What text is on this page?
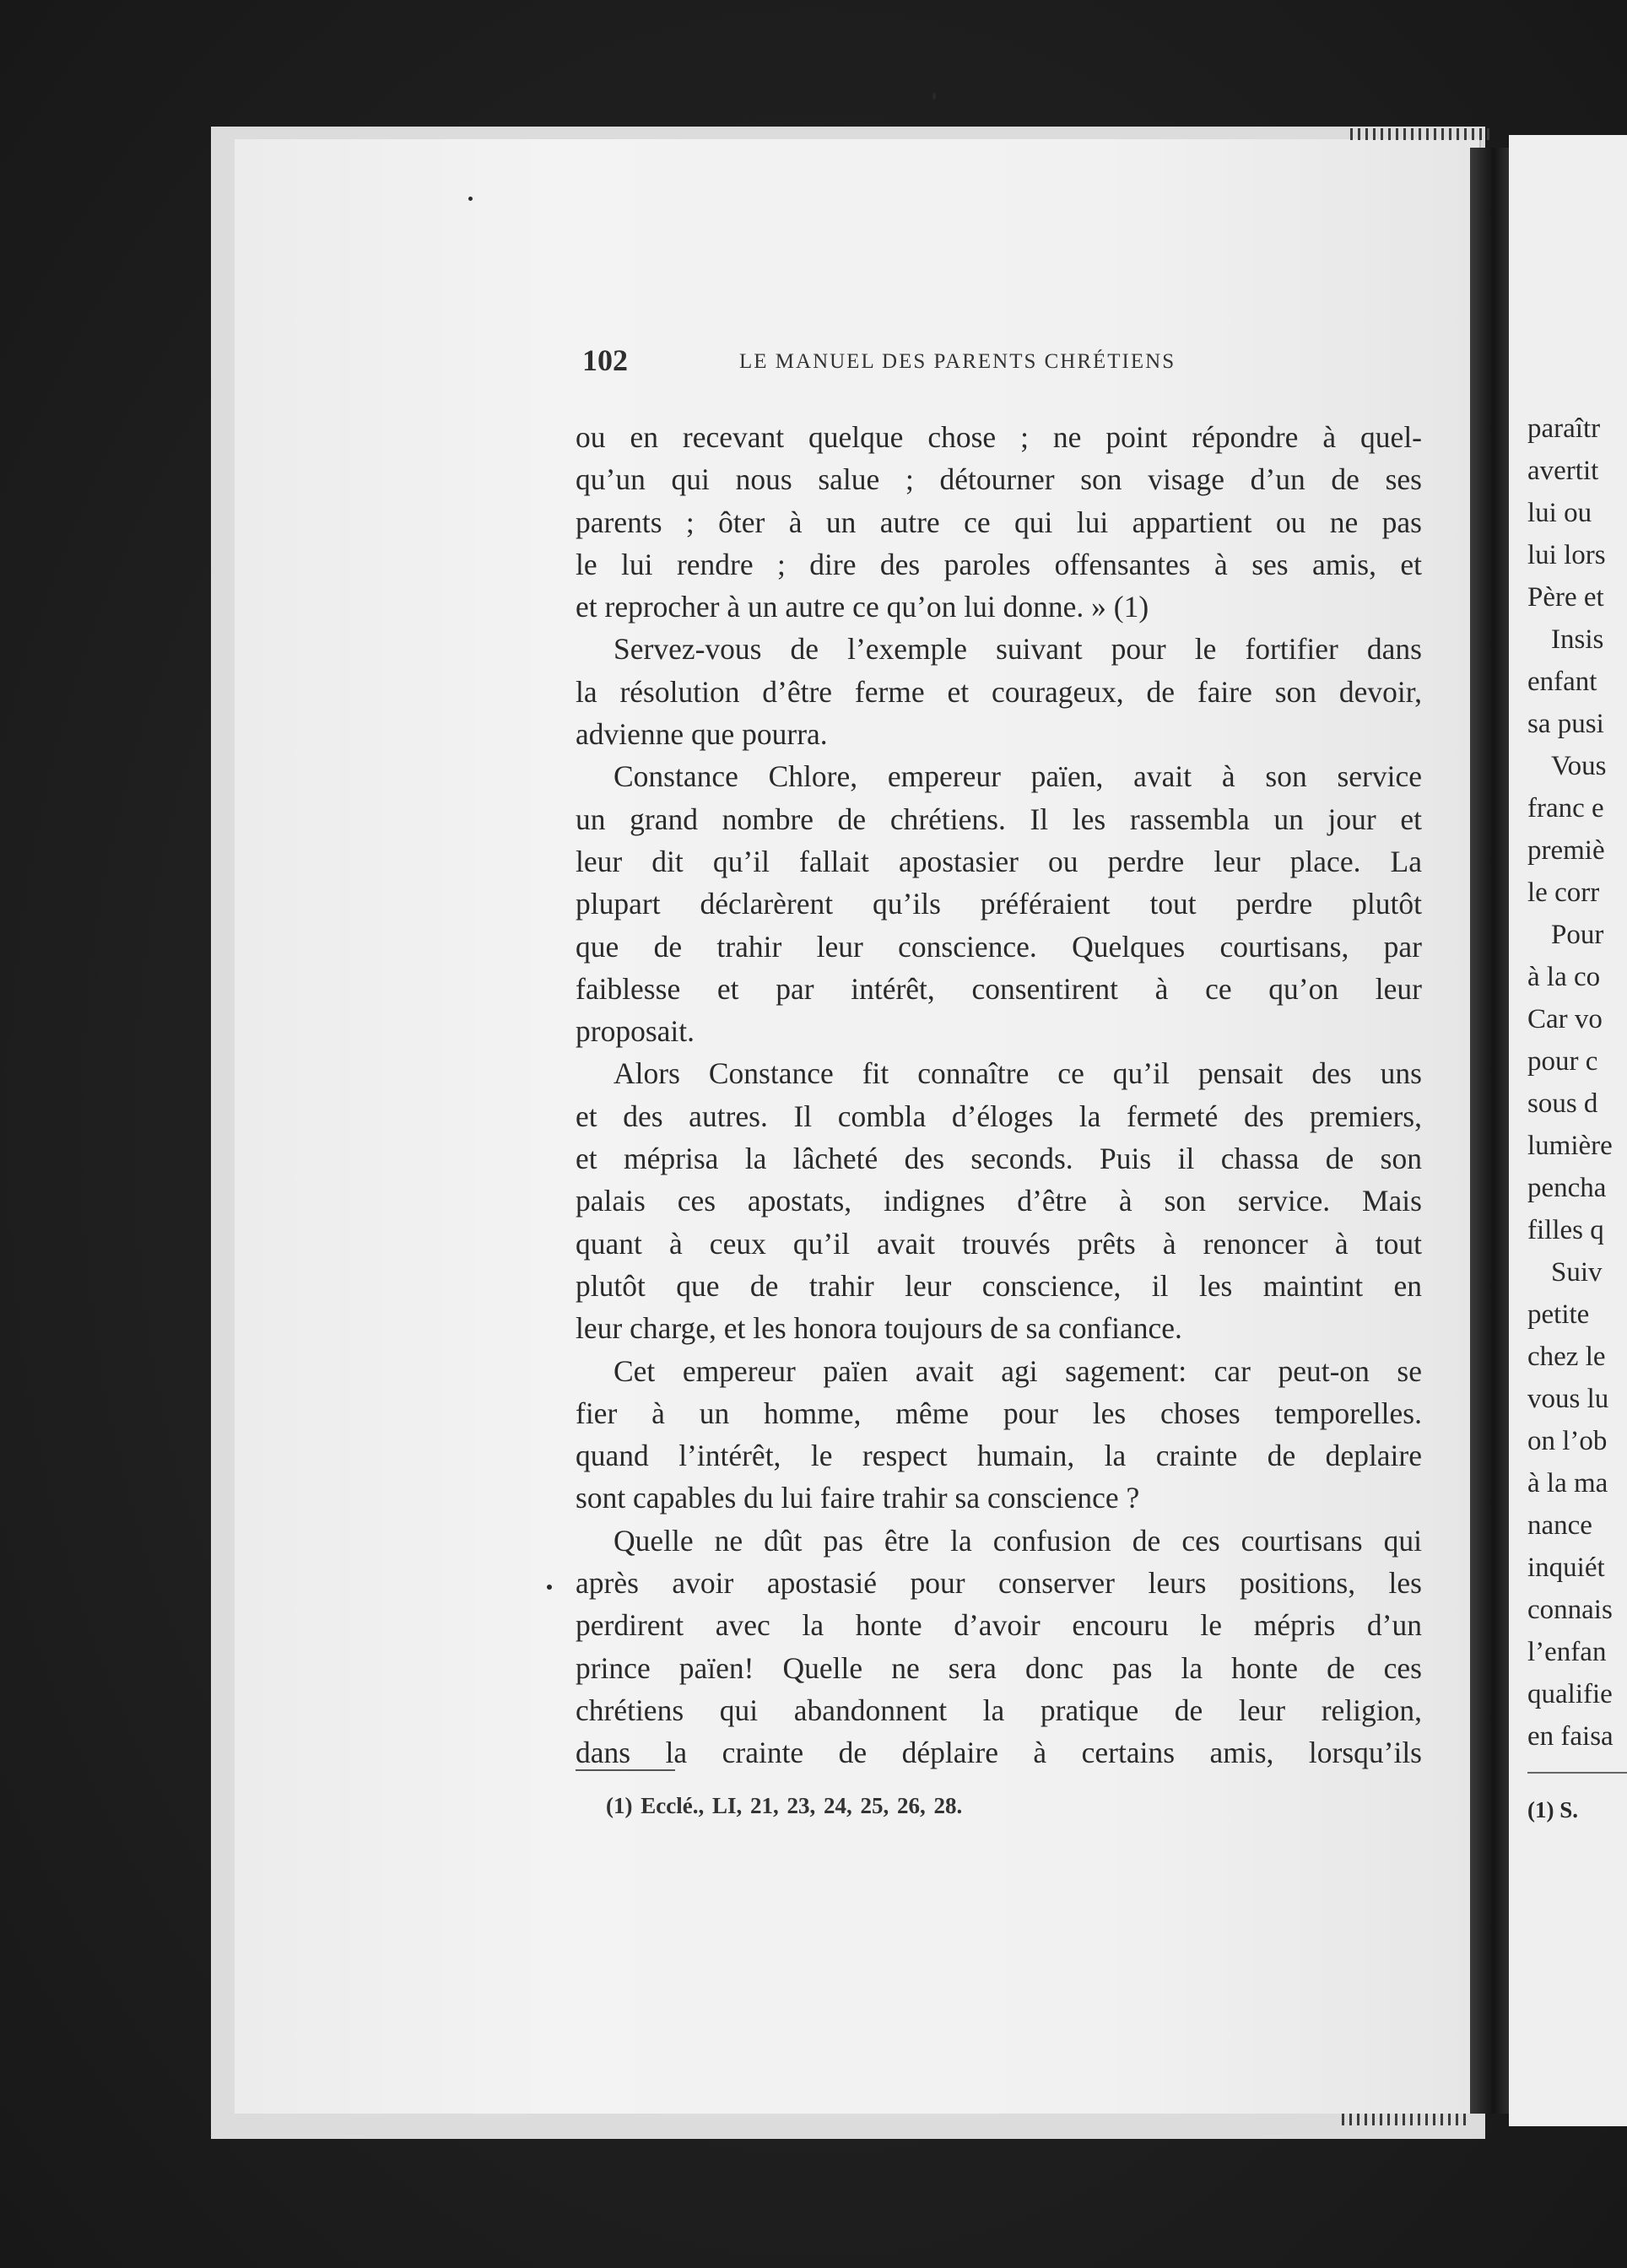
102	LE MANUEL DES PARENTS CHRÉTIENS
ou en recevant quelque chose ; ne point répondre à quel-
qu’un qui nous salue ; détourner son visage d’un de ses
parents ; ôter à un autre ce qui lui appartient ou ne pas
le lui rendre ; dire des paroles offensantes à ses amis, et
et reprocher à un autre ce qu’on lui donne. » (1)
Servez-vous de l’exemple suivant pour le fortifier dans
la résolution d’être ferme et courageux, de faire son devoir,
advienne que pourra.
Constance Chlore, empereur païen, avait à son service
un grand nombre de chrétiens. Il les rassembla un jour et
leur dit qu’il fallait apostasier ou perdre leur place. La
plupart déclarèrent qu’ils préféraient tout perdre plutôt
que de trahir leur conscience. Quelques courtisans, par
faiblesse et par intérêt, consentirent à ce qu’on leur
proposait.
Alors Constance fit connaître ce qu’il pensait des uns
et des autres. Il combla d’éloges la fermeté des premiers,
et méprisa la lâcheté des seconds. Puis il chassa de son
palais ces apostats, indignes d’être à son service. Mais
quant à ceux qu’il avait trouvés prêts à renoncer à tout
plutôt que de trahir leur conscience, il les maintint en
leur charge, et les honora toujours de sa confiance.
Cet empereur païen avait agi sagement: car peut-on se
fier à un homme, même pour les choses temporelles.
quand l’intérêt, le respect humain, la crainte de deplaire
sont capables du lui faire trahir sa conscience ?
Quelle ne dût pas être la confusion de ces courtisans qui
après avoir apostasié pour conserver leurs positions, les
perdirent avec la honte d’avoir encouru le mépris d’un
prince païen! Quelle ne sera donc pas la honte de ces
chrétiens qui abandonnent la pratique de leur religion,
dans la crainte de déplaire à certains amis, lorsqu’ils
(1) Ecclé., LI, 21, 23, 24, 25, 26, 28.
paraîtr
avertit
lui ou
lui lors
Père et
Insis
enfant
sa pusi
Vous
franc e
premiè
le corr
Pour
à la co
Car vo
pour c
sous d
lumière
pencha
filles q
Suiv
petite
chez le
vous lu
on l’ob
à la ma
nance
inquiét
connais
l’enfan
qualifie
en faisa
(1) S.
